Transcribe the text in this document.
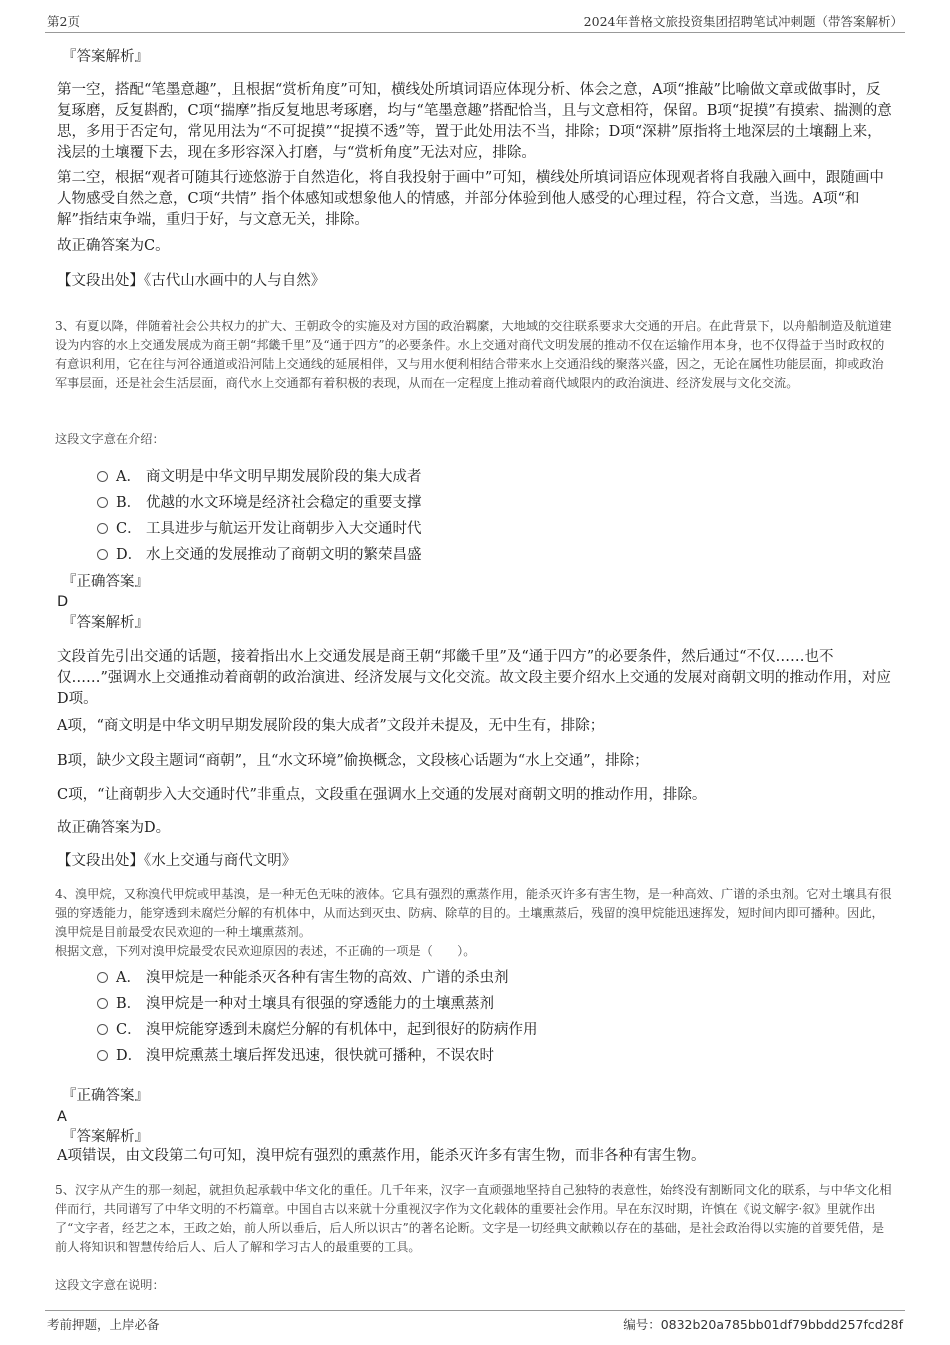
第2页	2024年普格文旅投资集团招聘笔试冲刺题（带答案解析）

『答案解析』

第一空，搭配“笔墨意趣”，且根据“赏析角度”可知，横线处所填词语应体现分析、体会之意，A项“推敲”比喻做文章或做事时，反复琢磨，反复斟酌，C项“揣摩”指反复地思考琢磨，均与“笔墨意趣”搭配恰当，且与文意相符，保留。B项“捉摸”有摸索、揣测的意思，多用于否定句，常见用法为“不可捉摸”“捉摸不透”等，置于此处用法不当，排除；D项“深耕”原指将土地深层的土壤翻上来，浅层的土壤覆下去，现在多形容深入打磨，与“赏析角度”无法对应，排除。

第二空，根据“观者可随其行迹悠游于自然造化，将自我投射于画中”可知，横线处所填词语应体现观者将自我融入画中，跟随画中人物感受自然之意，C项“共情” 指个体感知或想象他人的情感，并部分体验到他人感受的心理过程，符合文意，当选。A项“和解”指结束争端，重归于好，与文意无关，排除。

故正确答案为C。

【文段出处】《古代山水画中的人与自然》

3、有夏以降，伴随着社会公共权力的扩大、王朝政令的实施及对方国的政治羁縻，大地域的交往联系要求大交通的开启。在此背景下，以舟船制造及航道建设为内容的水上交通发展成为商王朝“邦畿千里”及“通于四方”的必要条件。水上交通对商代文明发展的推动不仅在运输作用本身，也不仅得益于当时政权的有意识利用，它在往与河谷通道或沿河陆上交通线的延展相伴，又与用水便利相结合带来水上交通沿线的聚落兴盛，因之，无论在属性功能层面，抑或政治军事层面，还是社会生活层面，商代水上交通都有着积极的表现，从而在一定程度上推动着商代域限内的政治演进、经济发展与文化交流。

这段文字意在介绍：

A． 商文明是中华文明早期发展阶段的集大成者
B． 优越的水文环境是经济社会稳定的重要支撑
C． 工具进步与航运开发让商朝步入大交通时代
D． 水上交通的发展推动了商朝文明的繁荣昌盛

『正确答案』

D

『答案解析』

文段首先引出交通的话题，接着指出水上交通发展是商王朝“邦畿千里”及“通于四方”的必要条件，然后通过“不仅……也不仅……”强调水上交通推动着商朝的政治演进、经济发展与文化交流。故文段主要介绍水上交通的发展对商朝文明的推动作用，对应D项。

A项，“商文明是中华文明早期发展阶段的集大成者”文段并未提及，无中生有，排除；

B项，缺少文段主题词“商朝”，且“水文环境”偷换概念，文段核心话题为“水上交通”，排除；

C项，“让商朝步入大交通时代”非重点，文段重在强调水上交通的发展对商朝文明的推动作用，排除。

故正确答案为D。

【文段出处】《水上交通与商代文明》

4、溴甲烷，又称溴代甲烷或甲基溴，是一种无色无味的液体。它具有强烈的熏蒸作用，能杀灭许多有害生物，是一种高效、广谱的杀虫剂。它对土壤具有很强的穿透能力，能穿透到未腐烂分解的有机体中，从而达到灭虫、防病、除草的目的。土壤熏蒸后，残留的溴甲烷能迅速挥发，短时间内即可播种。因此，溴甲烷是目前最受农民欢迎的一种土壤熏蒸剂。

根据文意，下列对溴甲烷最受农民欢迎原因的表述，不正确的一项是（　　）。

A． 溴甲烷是一种能杀灭各种有害生物的高效、广谱的杀虫剂
B． 溴甲烷是一种对土壤具有很强的穿透能力的土壤熏蒸剂
C． 溴甲烷能穿透到未腐烂分解的有机体中，起到很好的防病作用
D． 溴甲烷熏蒸土壤后挥发迅速，很快就可播种，不误农时

『正确答案』

A

『答案解析』

A项错误，由文段第二句可知，溴甲烷有强烈的熏蒸作用，能杀灭许多有害生物，而非各种有害生物。

5、汉字从产生的那一刻起，就担负起承载中华文化的重任。几千年来，汉字一直顽强地坚持自己独特的表意性，始终没有割断同文化的联系，与中华文化相伴而行，共同谱写了中华文明的不朽篇章。中国自古以来就十分重视汉字作为文化载体的重要社会作用。早在东汉时期，许慎在《说文解字·叙》里就作出了“文字者，经艺之本，王政之始，前人所以垂后，后人所以识古”的著名论断。文字是一切经典文献赖以存在的基础，是社会政治得以实施的首要凭借，是前人将知识和智慧传给后人、后人了解和学习古人的最重要的工具。

这段文字意在说明：

考前押题，上岸必备	编号：0832b20a785bb01df79bbdd257fcd28f
